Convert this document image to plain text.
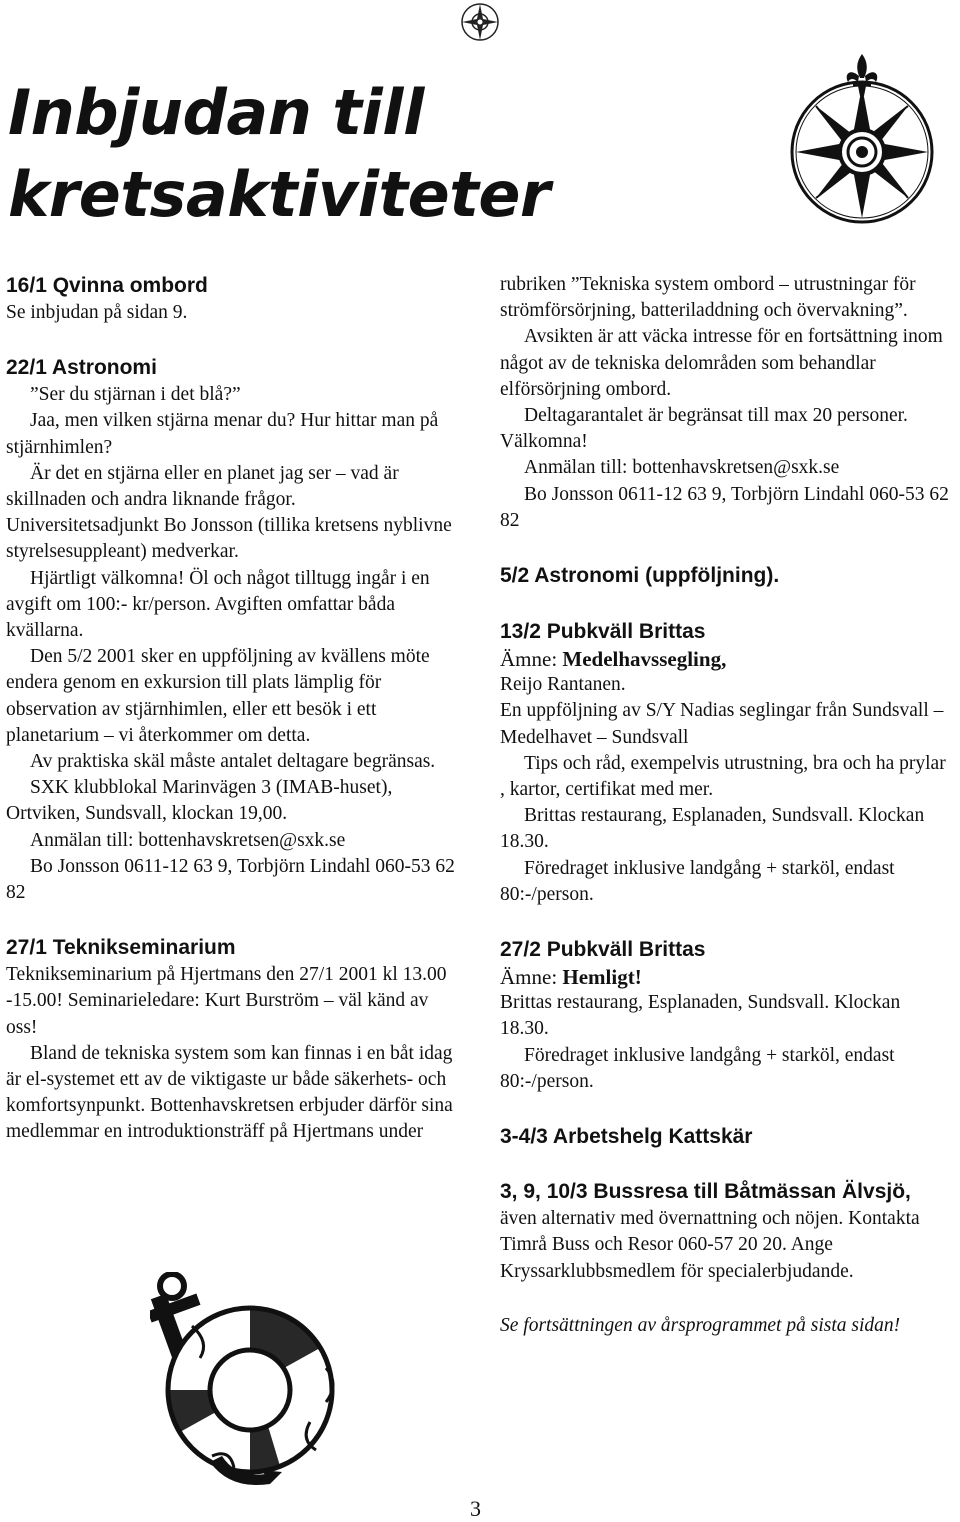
Inbjudan till
kretsaktiviteter

16/1 Qvinna ombord

Se inbjudan på sidan 9.

22/1 Astronomi

”Ser du stjärnan i det blå?”

Jaa, men vilken stjärna menar du? Hur hittar man på stjärnhimlen?

Är det en stjärna eller en planet jag ser – vad är skillnaden och andra liknande frågor.

Universitetsadjunkt Bo Jonsson (tillika kretsens nyblivne styrelsesuppleant) medverkar.

Hjärtligt välkomna! Öl och något tilltugg ingår i en avgift om 100:- kr/person. Avgiften omfattar båda kvällarna.

Den 5/2 2001 sker en uppföljning av kvällens möte endera genom en exkursion till plats lämplig för observation av stjärnhimlen, eller ett besök i ett planetarium – vi återkommer om detta.

Av praktiska skäl måste antalet deltagare begränsas.

SXK klubblokal Marinvägen 3 (IMAB-huset), Ortviken, Sundsvall, klockan 19,00.

Anmälan till: bottenhavskretsen@sxk.se

Bo Jonsson 0611-12 63 9, Torbjörn Lindahl 060-53 62 82

27/1 Teknikseminarium

Teknikseminarium på Hjertmans den 27/1 2001 kl 13.00 -15.00! Seminarieledare: Kurt Burström – väl känd av oss!

Bland de tekniska system som kan finnas i en båt idag är el-systemet ett av de viktigaste ur både säkerhets- och komfortsynpunkt. Bottenhavskretsen erbjuder därför sina medlemmar en introduktionsträff på Hjertmans under

rubriken ”Tekniska system ombord – utrustningar för strömförsörjning, batteriladdning och övervakning”.

Avsikten är att väcka intresse för en fortsättning inom något av de tekniska delområden som behandlar elförsörjning ombord.

Deltagarantalet är begränsat till max 20 personer. Välkomna!

Anmälan till: bottenhavskretsen@sxk.se

Bo Jonsson 0611-12 63 9, Torbjörn Lindahl 060-53 62 82

5/2 Astronomi (uppföljning).

13/2 Pubkväll Brittas

Ämne: Medelhavssegling,

Reijo Rantanen.

En uppföljning av S/Y Nadias seglingar från Sundsvall – Medelhavet – Sundsvall

Tips och råd, exempelvis utrustning, bra och ha prylar , kartor, certifikat med mer.

Brittas restaurang, Esplanaden, Sundsvall. Klockan 18.30.

Föredraget inklusive landgång + starköl, endast 80:-/person.

27/2 Pubkväll Brittas

Ämne: Hemligt!

Brittas restaurang, Esplanaden, Sundsvall. Klockan 18.30.

Föredraget inklusive landgång + starköl, endast 80:-/person.

3-4/3 Arbetshelg Kattskär

3, 9, 10/3 Bussresa till Båtmässan Älvsjö, även alternativ med övernattning och nöjen. Kontakta Timrå Buss och Resor 060-57 20 20. Ange Kryssarklubbsmedlem för specialerbjudande.

Se fortsättningen av årsprogrammet på sista sidan!

3
